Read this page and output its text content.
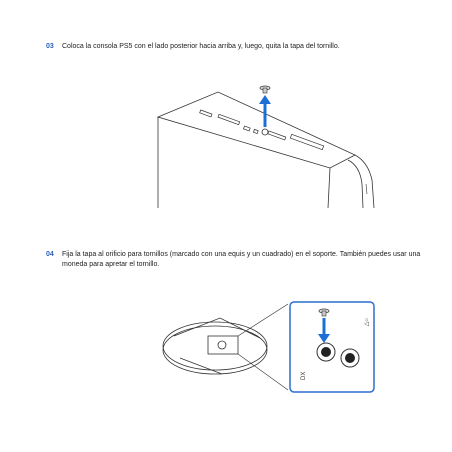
03 Coloca la consola PS5 con el lado posterior hacia arriba y, luego, quita la tapa del tornillo.
04 Fija la tapa al orificio para tornillos (marcado con una equis y un cuadrado) en el soporte. También puedes usar una moneda para apretar el tornillo.
DX
○▽
